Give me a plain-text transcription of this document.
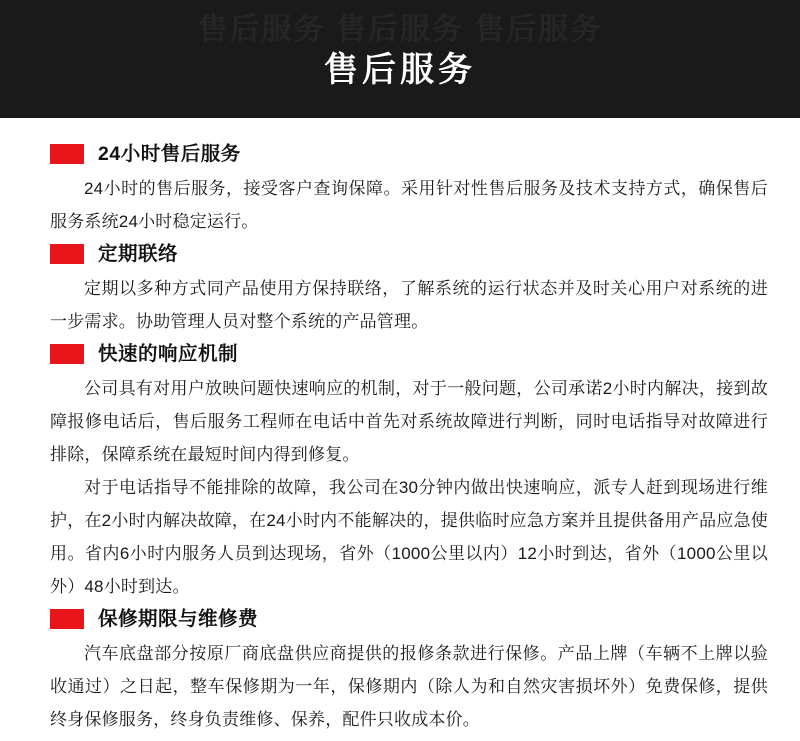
售后服务 售后服务 售后服务
售后服务
24小时售后服务

24小时的售后服务，接受客户查询保障。采用针对性售后服务及技术支持方式，确保售后服务系统24小时稳定运行。

定期联络

定期以多种方式同产品使用方保持联络，了解系统的运行状态并及时关心用户对系统的进一步需求。协助管理人员对整个系统的产品管理。

快速的响应机制

公司具有对用户放映问题快速响应的机制，对于一般问题，公司承诺2小时内解决，接到故障报修电话后，售后服务工程师在电话中首先对系统故障进行判断，同时电话指导对故障进行排除，保障系统在最短时间内得到修复。

对于电话指导不能排除的故障，我公司在30分钟内做出快速响应，派专人赶到现场进行维护，在2小时内解决故障，在24小时内不能解决的，提供临时应急方案并且提供备用产品应急使用。省内6小时内服务人员到达现场，省外（1000公里以内）12小时到达，省外（1000公里以外）48小时到达。

保修期限与维修费

汽车底盘部分按原厂商底盘供应商提供的报修条款进行保修。产品上牌（车辆不上牌以验收通过）之日起，整车保修期为一年，保修期内（除人为和自然灾害损坏外）免费保修，提供终身保修服务，终身负责维修、保养，配件只收成本价。
